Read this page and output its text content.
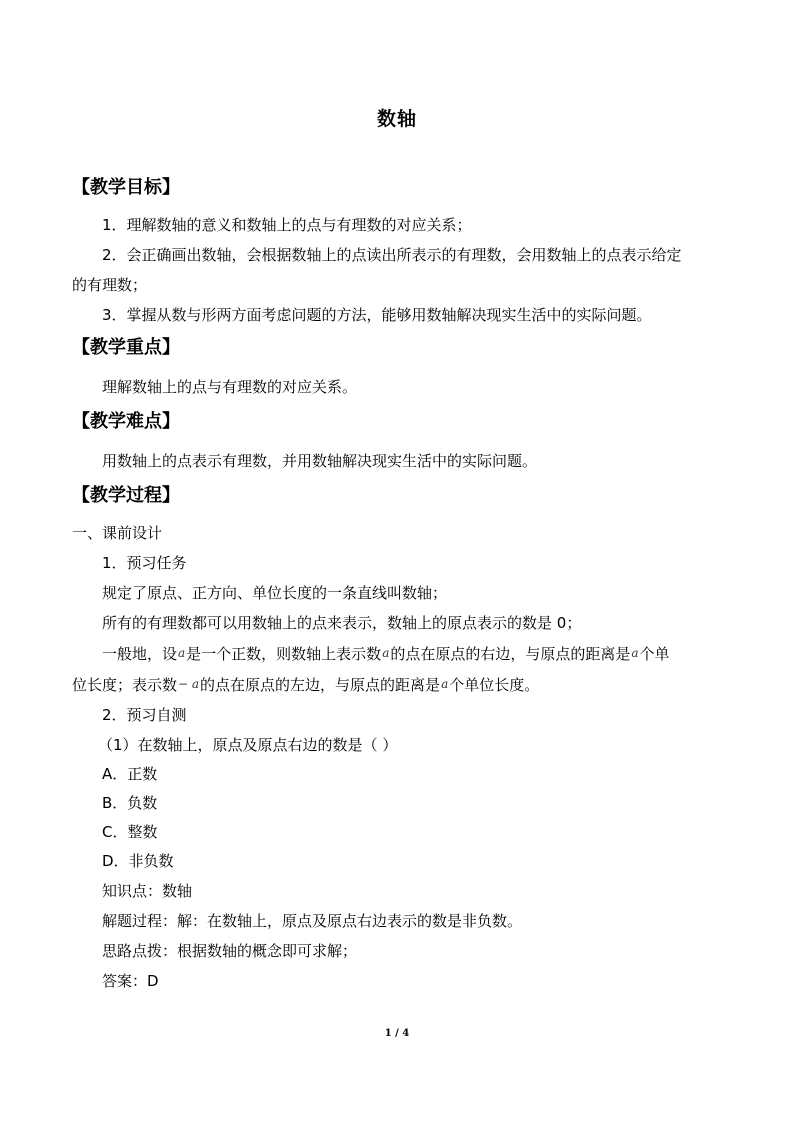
数轴
【教学目标】

1．理解数轴的意义和数轴上的点与有理数的对应关系；

2．会正确画出数轴，会根据数轴上的点读出所表示的有理数，会用数轴上的点表示给定

的有理数；

3．掌握从数与形两方面考虑问题的方法，能够用数轴解决现实生活中的实际问题。

【教学重点】

理解数轴上的点与有理数的对应关系。

【教学难点】

用数轴上的点表示有理数，并用数轴解决现实生活中的实际问题。

【教学过程】

一、课前设计

1．预习任务

规定了原点、正方向、单位长度的一条直线叫数轴；

所有的有理数都可以用数轴上的点来表示，数轴上的原点表示的数是 0；

一般地，设a是一个正数，则数轴上表示数a的点在原点的右边，与原点的距离是a个单

位长度；表示数− a的点在原点的左边，与原点的距离是a个单位长度。

2．预习自测

（1）在数轴上，原点及原点右边的数是（ ）

A．正数

B．负数

C．整数

D．非负数

知识点：数轴

解题过程：解：在数轴上，原点及原点右边表示的数是非负数。

思路点拨：根据数轴的概念即可求解；

答案：D

1 / 4
